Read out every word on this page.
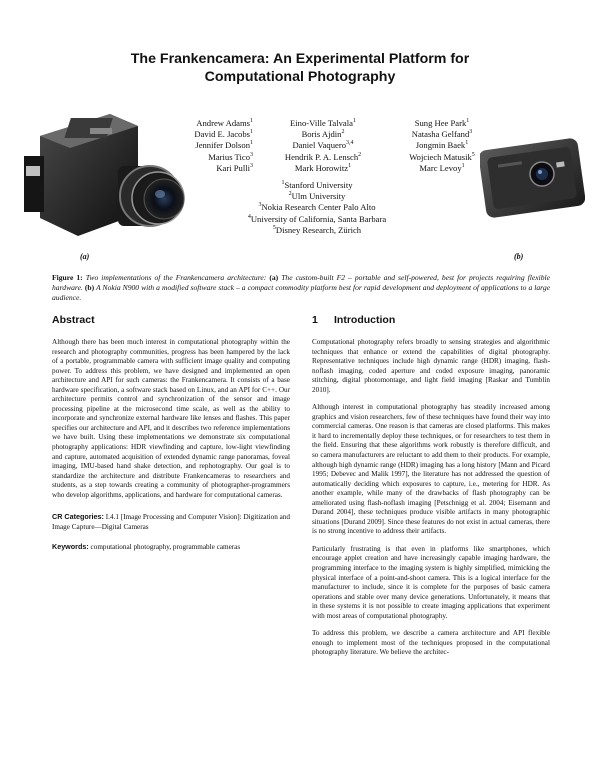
The Frankencamera: An Experimental Platform for
Computational Photography
(a)	(b)
Andrew Adams$^1$
David E. Jacobs$^1$
Jennifer Dolson$^1$
Marius Tico$^3$
Kari Pulli$^3$
Eino-Ville Talvala$^1$
Boris Ajdin$^2$
Daniel Vaquero$^{3,4}$
Hendrik P. A. Lensch$^2$
Mark Horowitz$^1$
Sung Hee Park$^1$
Natasha Gelfand$^3$
Jongmin Baek$^1$
Wojciech Matusik$^5$
Marc Levoy$^1$
$^1$Stanford University
$^2$Ulm University
$^3$Nokia Research Center Palo Alto
$^4$University of California, Santa Barbara
$^5$Disney Research, Zürich
Figure 1: Two implementations of the Frankencamera architecture: (a) The custom-built F2 – portable and self-powered, best for projects requiring flexible hardware. (b) A Nokia N900 with a modified software stack – a compact commodity platform best for rapid development and deployment of applications to a large audience.
Abstract

Although there has been much interest in computational photography within the research and photography communities, progress has been hampered by the lack of a portable, programmable camera with sufficient image quality and computing power. To address this problem, we have designed and implemented an open architecture and API for such cameras: the Frankencamera. It consists of a base hardware specification, a software stack based on Linux, and an API for C++. Our architecture permits control and synchronization of the sensor and image processing pipeline at the microsecond time scale, as well as the ability to incorporate and synchronize external hardware like lenses and flashes. This paper specifies our architecture and API, and it describes two reference implementations we have built. Using these implementations we demonstrate six computational photography applications: HDR viewfinding and capture, low-light viewfinding and capture, automated acquisition of extended dynamic range panoramas, foveal imaging, IMU-based hand shake detection, and rephotography. Our goal is to standardize the architecture and distribute Frankencameras to researchers and students, as a step towards creating a community of photographer-programmers who develop algorithms, applications, and hardware for computational cameras.

CR Categories: I.4.1 [Image Processing and Computer Vision]: Digitization and Image Capture—Digital Cameras

Keywords: computational photography, programmable cameras

1 Introduction

Computational photography refers broadly to sensing strategies and algorithmic techniques that enhance or extend the capabilities of digital photography. Representative techniques include high dynamic range (HDR) imaging, flash-noflash imaging, coded aperture and coded exposure imaging, panoramic stitching, digital photomontage, and light field imaging [Raskar and Tumblin 2010].

Although interest in computational photography has steadily increased among graphics and vision researchers, few of these techniques have found their way into commercial cameras. One reason is that cameras are closed platforms. This makes it hard to incrementally deploy these techniques, or for researchers to test them in the field. Ensuring that these algorithms work robustly is therefore difficult, and so camera manufacturers are reluctant to add them to their products. For example, although high dynamic range (HDR) imaging has a long history [Mann and Picard 1995; Debevec and Malik 1997], the literature has not addressed the question of automatically deciding which exposures to capture, i.e., metering for HDR. As another example, while many of the drawbacks of flash photography can be ameliorated using flash-noflash imaging [Petschnigg et al. 2004; Eisemann and Durand 2004], these techniques produce visible artifacts in many photographic situations [Durand 2009]. Since these features do not exist in actual cameras, there is no strong incentive to address their artifacts.

Particularly frustrating is that even in platforms like smartphones, which encourage applet creation and have increasingly capable imaging hardware, the programming interface to the imaging system is highly simplified, mimicking the physical interface of a point-and-shoot camera. This is a logical interface for the manufacturer to include, since it is complete for the purposes of basic camera operations and stable over many device generations. Unfortunately, it means that in these systems it is not possible to create imaging applications that experiment with most areas of computational photography.

To address this problem, we describe a camera architecture and API flexible enough to implement most of the techniques proposed in the computational photography literature. We believe the architec-
